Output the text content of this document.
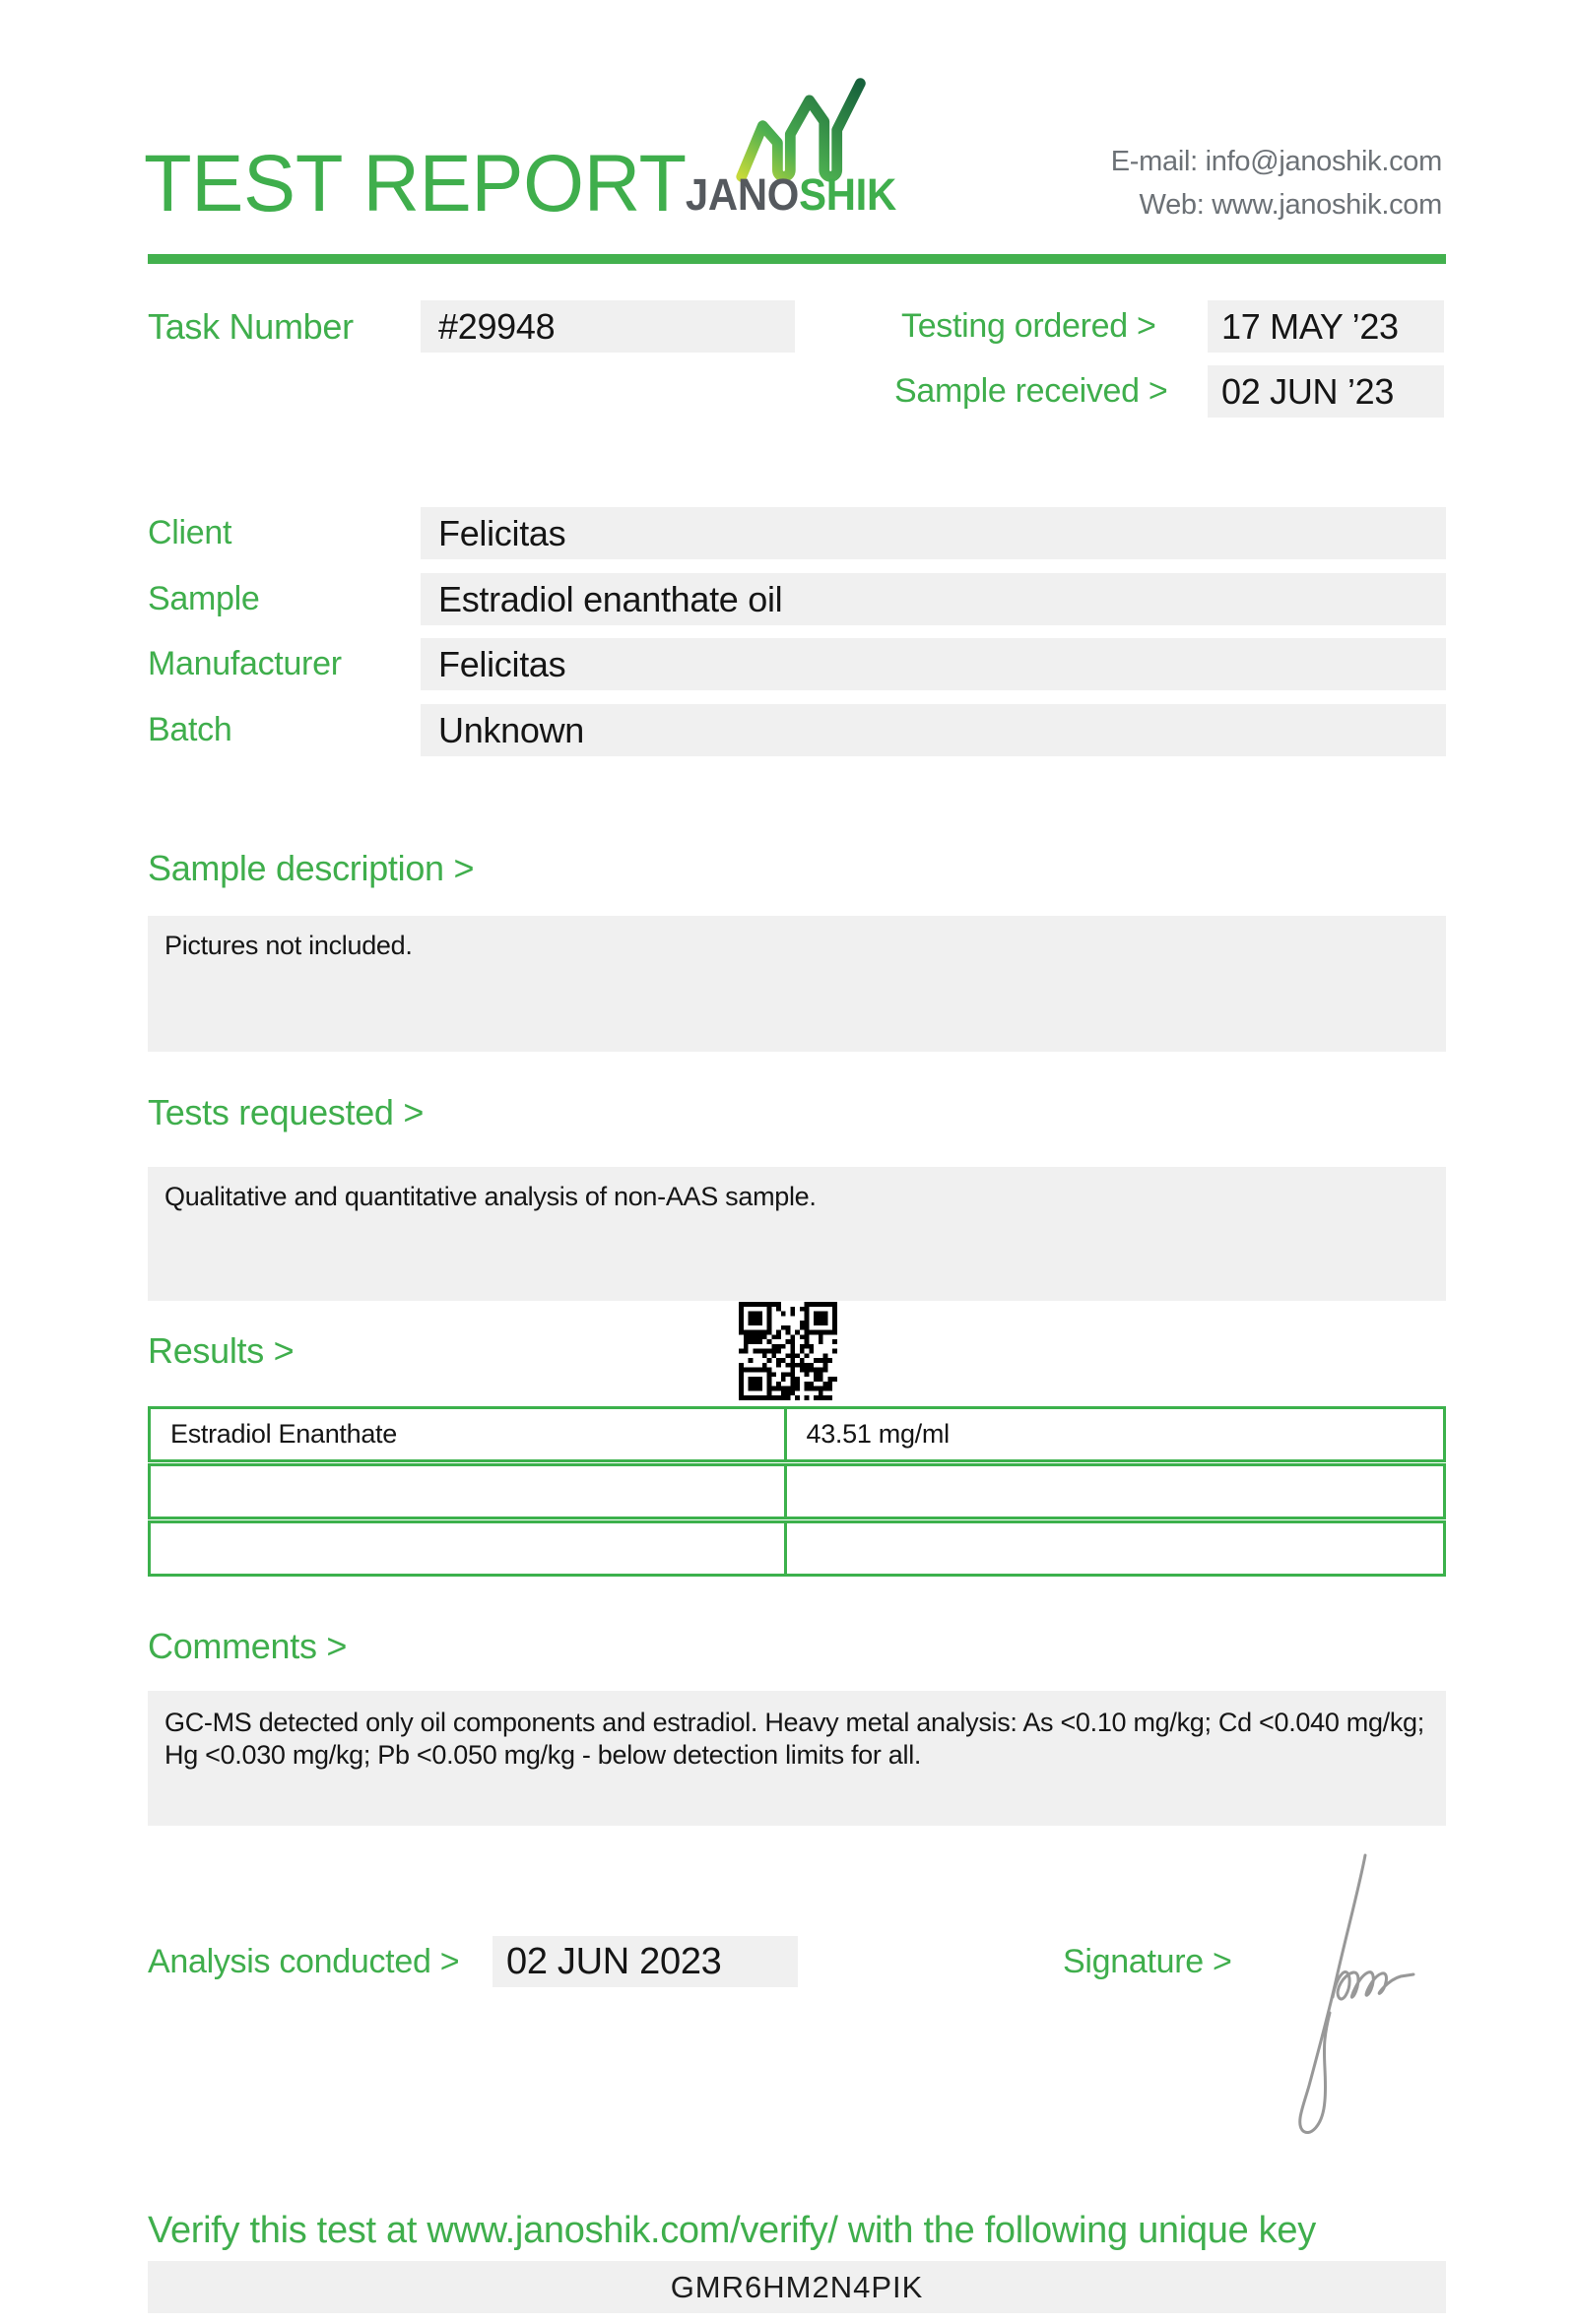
TEST REPORT JANOSHIK
E-mail: info@janoshik.com
Web: www.janoshik.com
Task Number	#29948	Testing ordered >	17 MAY ’23
Sample received >	02 JUN ’23
Client	Felicitas
Sample	Estradiol enanthate oil
Manufacturer	Felicitas
Batch	Unknown
Sample description >
Pictures not included.
Tests requested >
Qualitative and quantitative analysis of non-AAS sample.
Results >
Estradiol Enanthate	43.51 mg/ml
Comments >
GC-MS detected only oil components and estradiol. Heavy metal analysis: As <0.10 mg/kg; Cd <0.040 mg/kg; Hg <0.030 mg/kg; Pb <0.050 mg/kg - below detection limits for all.
Analysis conducted >	02 JUN 2023	Signature >
Verify this test at www.janoshik.com/verify/ with the following unique key
GMR6HM2N4PIK
